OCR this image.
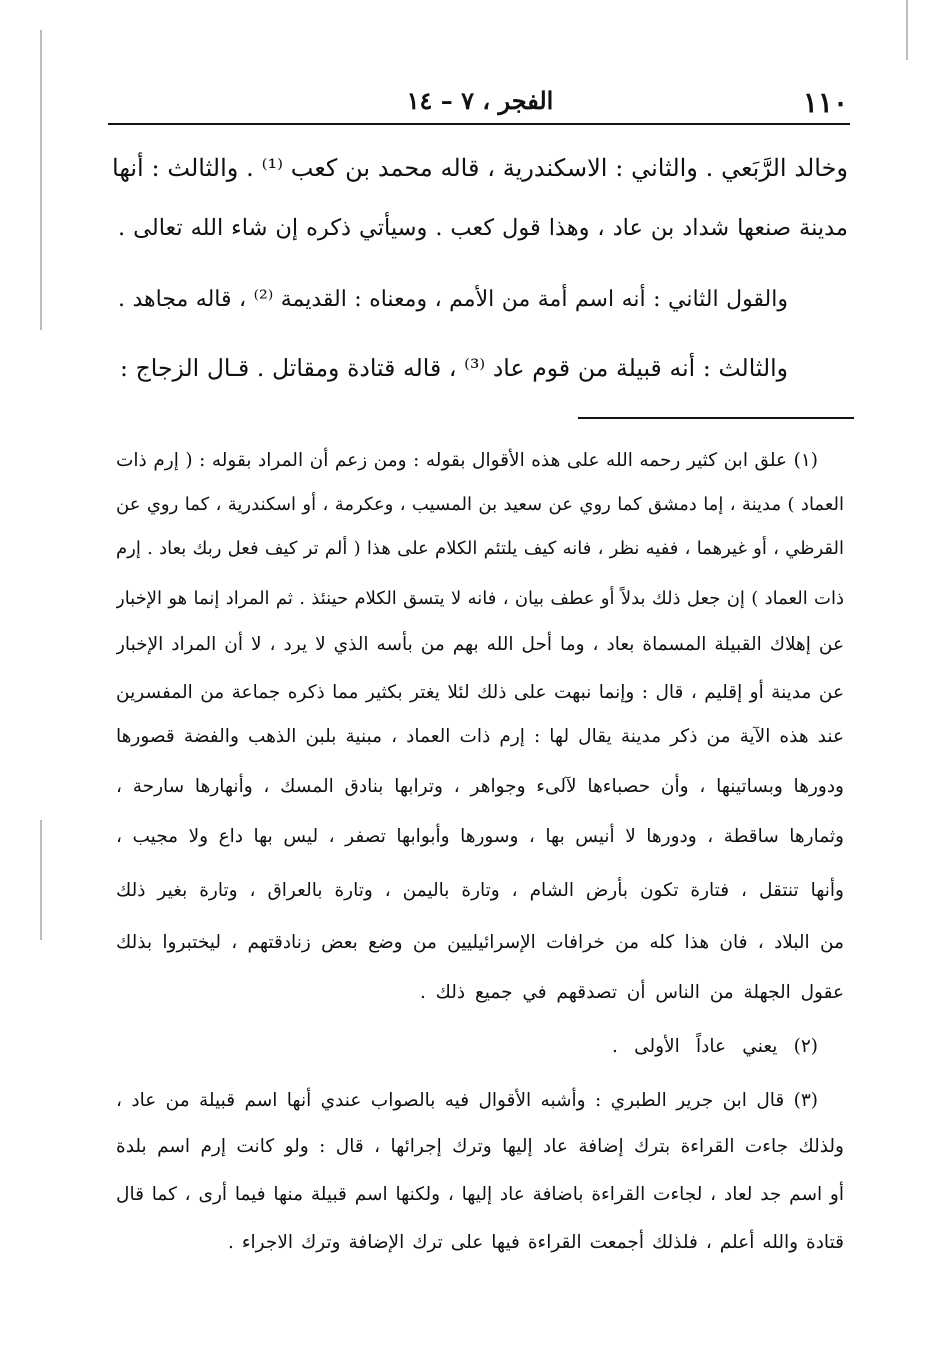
١١٠
الفجر ، ٧ – ١٤
وخالد الرَّبَعي . والثاني : الاسكندرية ، قاله محمد بن كعب ⁽¹⁾ . والثالث : أنها
مدينة صنعها شداد بن عاد ، وهذا قول كعب . وسيأتي ذكره إن شاء الله تعالى .
والقول الثاني : أنه اسم أمة من الأمم ، ومعناه : القديمة ⁽²⁾ ، قاله مجاهد .
والثالث : أنه قبيلة من قوم عاد ⁽³⁾ ، قاله قتادة ومقاتل . قـال الزجاج :
(١) علق ابن كثير رحمه الله على هذه الأقوال بقوله : ومن زعم أن المراد بقوله : ( إرم ذات
العماد ) مدينة ، إما دمشق كما روي عن سعيد بن المسيب ، وعكرمة ، أو اسكندرية ، كما روي عن
القرظي ، أو غيرهما ، ففيه نظر ، فانه كيف يلتئم الكلام على هذا ( ألم تر كيف فعل ربك بعاد . إرم
ذات العماد ) إن جعل ذلك بدلاً أو عطف بيان ، فانه لا يتسق الكلام حينئذ . ثم المراد إنما هو الإخبار
عن إهلاك القبيلة المسماة بعاد ، وما أحل الله بهم من بأسه الذي لا يرد ، لا أن المراد الإخبار
عن مدينة أو إقليم ، قال : وإنما نبهت على ذلك لئلا يغتر بكثير مما ذكره جماعة من المفسرين
عند هذه الآية من ذكر مدينة يقال لها : إرم ذات العماد ، مبنية بلبن الذهب والفضة قصورها
ودورها وبساتينها ، وأن حصباءها لآلىء وجواهر ، وترابها بنادق المسك ، وأنهارها سارحة ،
وثمارها ساقطة ، ودورها لا أنيس بها ، وسورها وأبوابها تصفر ، ليس بها داع ولا مجيب ،
وأنها تنتقل ، فتارة تكون بأرض الشام ، وتارة باليمن ، وتارة بالعراق ، وتارة بغير ذلك
من البلاد ، فان هذا كله من خرافات الإسرائيليين من وضع بعض زنادقتهم ، ليختبروا بذلك
عقول الجهلة من الناس أن تصدقهم في جميع ذلك .
(٢) يعني عاداً الأولى .
(٣) قال ابن جرير الطبري : وأشبه الأقوال فيه بالصواب عندي أنها اسم قبيلة من عاد ،
ولذلك جاءت القراءة بترك إضافة عاد إليها وترك إجرائها ، قال : ولو كانت إرم اسم بلدة
أو اسم جد لعاد ، لجاءت القراءة باضافة عاد إليها ، ولكنها اسم قبيلة منها فيما أرى ، كما قال
قتادة والله أعلم ، فلذلك أجمعت القراءة فيها على ترك الإضافة وترك الاجراء .
